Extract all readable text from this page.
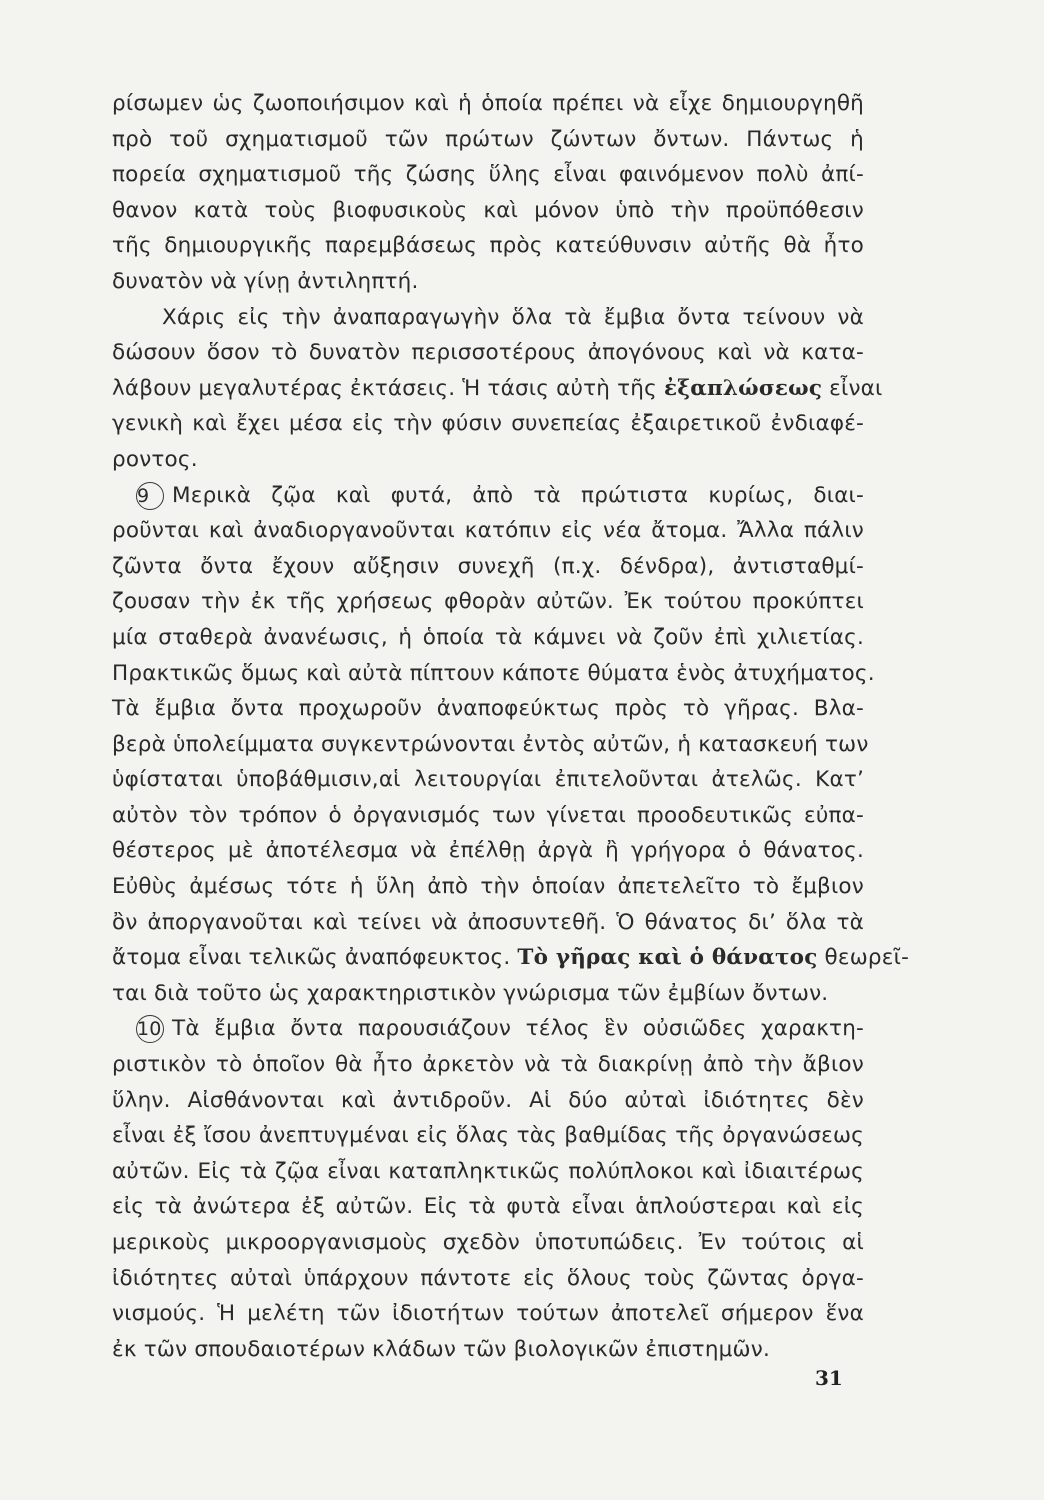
ρίσωμεν ὡς ζωοποιήσιμον καὶ ἡ ὁποία πρέπει νὰ εἶχε δημιουργηθῆ
πρὸ τοῦ σχηματισμοῦ τῶν πρώτων ζώντων ὄντων. Πάντως ἡ
πορεία σχηματισμοῦ τῆς ζώσης ὕλης εἶναι φαινόμενον πολὺ ἀπί-
θανον κατὰ τοὺς βιοφυσικοὺς καὶ μόνον ὑπὸ τὴν προϋπόθεσιν
τῆς δημιουργικῆς παρεμβάσεως πρὸς κατεύθυνσιν αὐτῆς θὰ ἦτο
δυνατὸν νὰ γίνῃ ἀντιληπτή.
Χάρις εἰς τὴν ἀναπαραγωγὴν ὅλα τὰ ἔμβια ὄντα τείνουν νὰ
δώσουν ὅσον τὸ δυνατὸν περισσοτέρους ἀπογόνους καὶ νὰ κατα-
λάβουν μεγαλυτέρας ἐκτάσεις. Ἡ τάσις αὐτὴ τῆς ἐξαπλώσεως εἶναι
γενικὴ καὶ ἔχει μέσα εἰς τὴν φύσιν συνεπείας ἐξαιρετικοῦ ἐνδιαφέ-
ροντος.
9 Μερικὰ ζῷα καὶ φυτά, ἀπὸ τὰ πρώτιστα κυρίως, διαι-
ροῦνται καὶ ἀναδιοργανοῦνται κατόπιν εἰς νέα ἄτομα. Ἄλλα πάλιν
ζῶντα ὄντα ἔχουν αὔξησιν συνεχῆ (π.χ. δένδρα), ἀντισταθμί-
ζουσαν τὴν ἐκ τῆς χρήσεως φθορὰν αὐτῶν. Ἐκ τούτου προκύπτει
μία σταθερὰ ἀνανέωσις, ἡ ὁποία τὰ κάμνει νὰ ζοῦν ἐπὶ χιλιετίας.
Πρακτικῶς ὅμως καὶ αὐτὰ πίπτουν κάποτε θύματα ἑνὸς ἀτυχήματος.
Τὰ ἔμβια ὄντα προχωροῦν ἀναποφεύκτως πρὸς τὸ γῆρας. Βλα-
βερὰ ὑπολείμματα συγκεντρώνονται ἐντὸς αὐτῶν, ἡ κατασκευή των
ὑφίσταται ὑποβάθμισιν,αἱ λειτουργίαι ἐπιτελοῦνται ἀτελῶς. Κατ’
αὐτὸν τὸν τρόπον ὁ ὀργανισμός των γίνεται προοδευτικῶς εὐπα-
θέστερος μὲ ἀποτέλεσμα νὰ ἐπέλθῃ ἀργὰ ἢ γρήγορα ὁ θάνατος.
Εὐθὺς ἀμέσως τότε ἡ ὕλη ἀπὸ τὴν ὁποίαν ἀπετελεῖτο τὸ ἔμβιον
ὂν ἀποργανοῦται καὶ τείνει νὰ ἀποσυντεθῆ. Ὁ θάνατος δι’ ὅλα τὰ
ἄτομα εἶναι τελικῶς ἀναπόφευκτος. Τὸ γῆρας καὶ ὁ θάνατος θεωρεῖ-
ται διὰ τοῦτο ὡς χαρακτηριστικὸν γνώρισμα τῶν ἐμβίων ὄντων.
10 Τὰ ἔμβια ὄντα παρουσιάζουν τέλος ἓν οὐσιῶδες χαρακτη-
ριστικὸν τὸ ὁποῖον θὰ ἦτο ἀρκετὸν νὰ τὰ διακρίνῃ ἀπὸ τὴν ἄβιον
ὕλην. Αἰσθάνονται καὶ ἀντιδροῦν. Αἱ δύο αὐταὶ ἰδιότητες δὲν
εἶναι ἐξ ἴσου ἀνεπτυγμέναι εἰς ὅλας τὰς βαθμίδας τῆς ὀργανώσεως
αὐτῶν. Εἰς τὰ ζῷα εἶναι καταπληκτικῶς πολύπλοκοι καὶ ἰδιαιτέρως
εἰς τὰ ἀνώτερα ἐξ αὐτῶν. Εἰς τὰ φυτὰ εἶναι ἁπλούστεραι καὶ εἰς
μερικοὺς μικροοργανισμοὺς σχεδὸν ὑποτυπώδεις. Ἐν τούτοις αἱ
ἰδιότητες αὐταὶ ὑπάρχουν πάντοτε εἰς ὅλους τοὺς ζῶντας ὀργα-
νισμούς. Ἡ μελέτη τῶν ἰδιοτήτων τούτων ἀποτελεῖ σήμερον ἕνα
ἐκ τῶν σπουδαιοτέρων κλάδων τῶν βιολογικῶν ἐπιστημῶν.
31
